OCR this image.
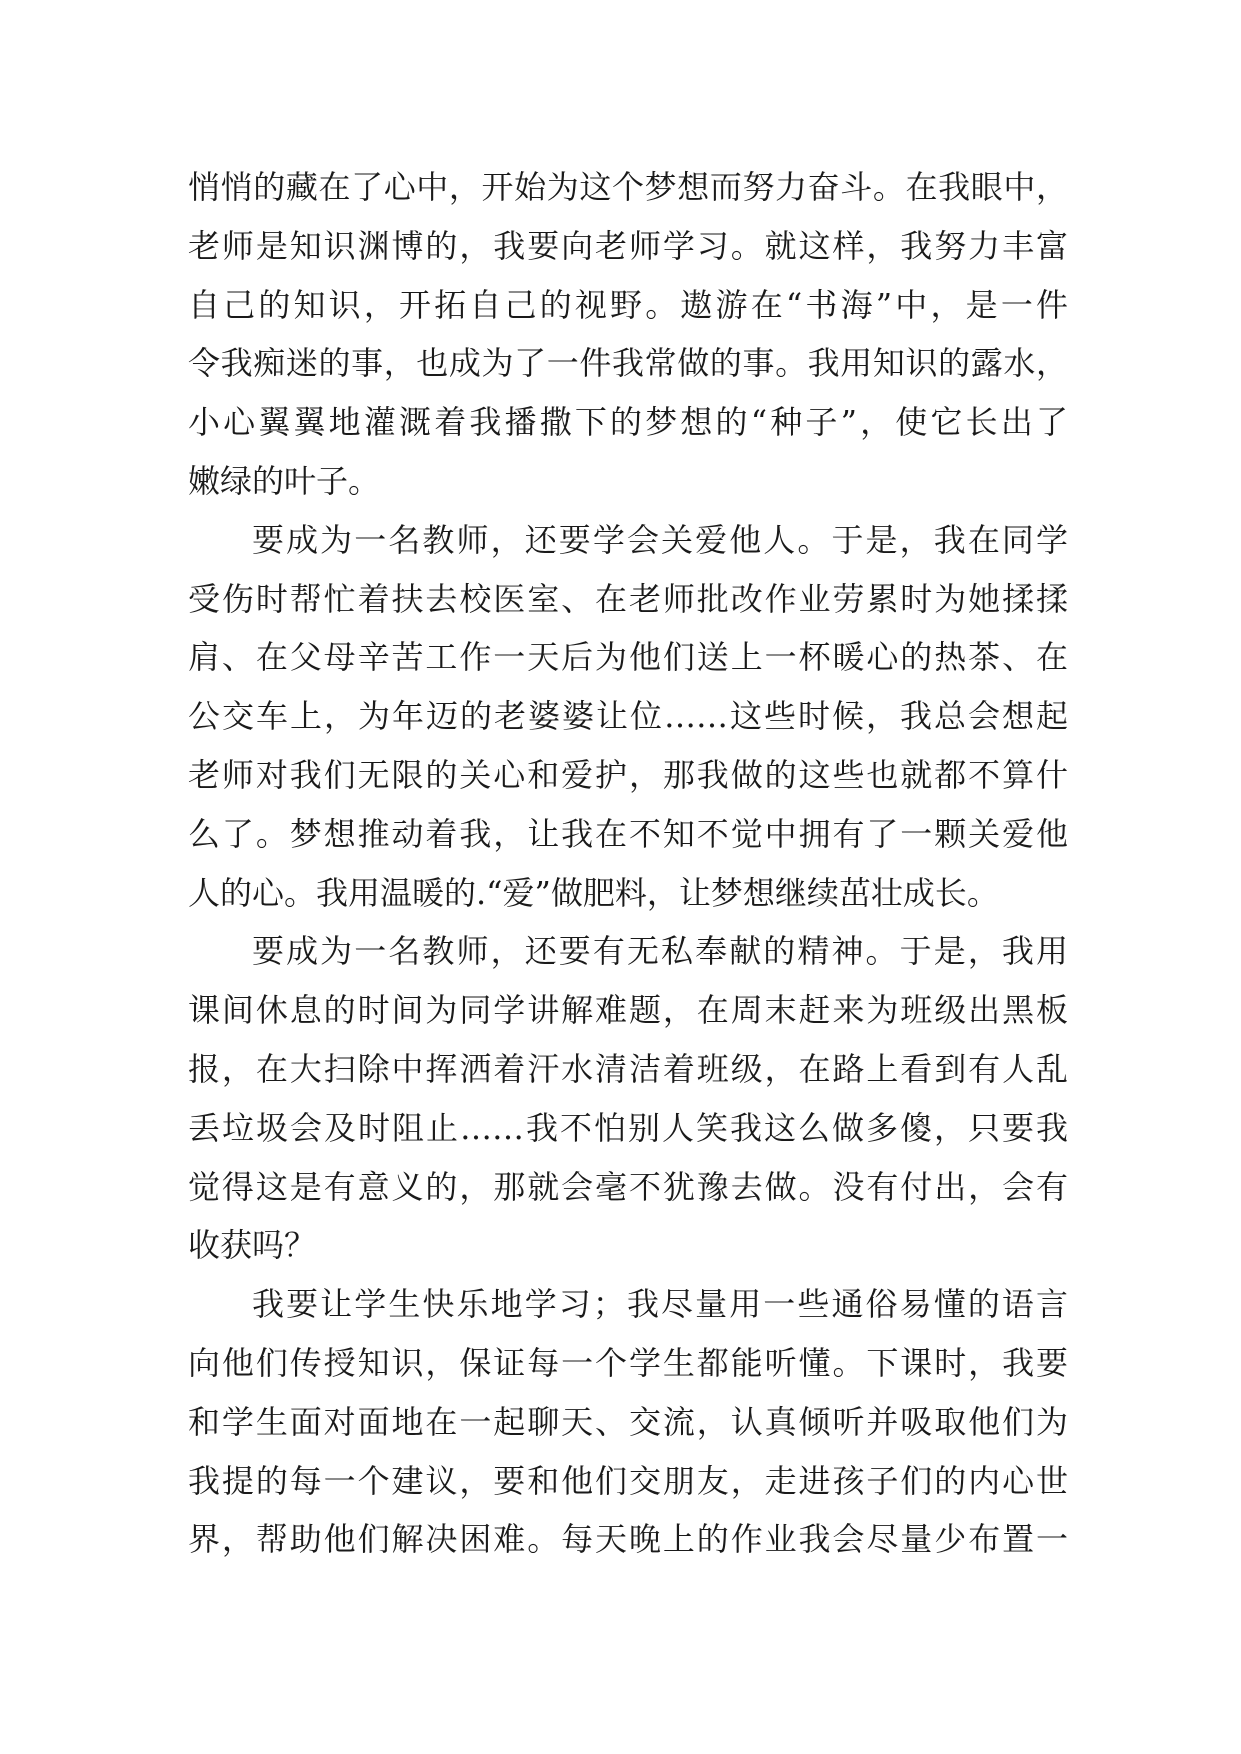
悄悄的藏在了心中，开始为这个梦想而努力奋斗。在我眼中，
老师是知识渊博的，我要向老师学习。就这样，我努力丰富
自己的知识，开拓自己的视野。遨游在“书海”中，是一件
令我痴迷的事，也成为了一件我常做的事。我用知识的露水，
小心翼翼地灌溉着我播撒下的梦想的“种子”，使它长出了
嫩绿的叶子。
要成为一名教师，还要学会关爱他人。于是，我在同学
受伤时帮忙着扶去校医室、在老师批改作业劳累时为她揉揉
肩、在父母辛苦工作一天后为他们送上一杯暖心的热茶、在
公交车上，为年迈的老婆婆让位……这些时候，我总会想起
老师对我们无限的关心和爱护，那我做的这些也就都不算什
么了。梦想推动着我，让我在不知不觉中拥有了一颗关爱他
人的心。我用温暖的.“爱”做肥料，让梦想继续茁壮成长。
要成为一名教师，还要有无私奉献的精神。于是，我用
课间休息的时间为同学讲解难题，在周末赶来为班级出黑板
报，在大扫除中挥洒着汗水清洁着班级，在路上看到有人乱
丢垃圾会及时阻止……我不怕别人笑我这么做多傻，只要我
觉得这是有意义的，那就会毫不犹豫去做。没有付出，会有
收获吗？
我要让学生快乐地学习；我尽量用一些通俗易懂的语言
向他们传授知识，保证每一个学生都能听懂。下课时，我要
和学生面对面地在一起聊天、交流，认真倾听并吸取他们为
我提的每一个建议，要和他们交朋友，走进孩子们的内心世
界，帮助他们解决困难。每天晚上的作业我会尽量少布置一
